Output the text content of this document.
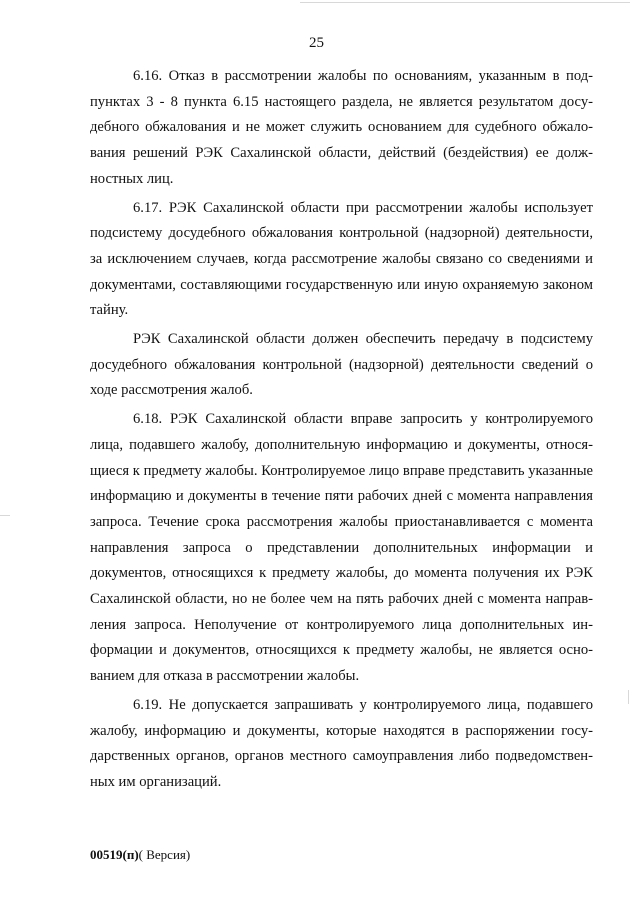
25

6.16. Отказ в рассмотрении жалобы по основаниям, указанным в подпунктах 3 - 8 пункта 6.15 настоящего раздела, не является результатом досудебного обжалования и не может служить основанием для судебного обжалования решений РЭК Сахалинской области, действий (бездействия) ее должностных лиц.

6.17. РЭК Сахалинской области при рассмотрении жалобы использует подсистему досудебного обжалования контрольной (надзорной) деятельности, за исключением случаев, когда рассмотрение жалобы связано со сведениями и документами, составляющими государственную или иную охраняемую законом тайну.

РЭК Сахалинской области должен обеспечить передачу в подсистему досудебного обжалования контрольной (надзорной) деятельности сведений о ходе рассмотрения жалоб.

6.18. РЭК Сахалинской области вправе запросить у контролируемого лица, подавшего жалобу, дополнительную информацию и документы, относящиеся к предмету жалобы. Контролируемое лицо вправе представить указанные информацию и документы в течение пяти рабочих дней с момента направления запроса. Течение срока рассмотрения жалобы приостанавливается с момента направления запроса о представлении дополнительных информации и документов, относящихся к предмету жалобы, до момента получения их РЭК Сахалинской области, но не более чем на пять рабочих дней с момента направления запроса. Неполучение от контролируемого лица дополнительных информации и документов, относящихся к предмету жалобы, не является основанием для отказа в рассмотрении жалобы.

6.19. Не допускается запрашивать у контролируемого лица, подавшего жалобу, информацию и документы, которые находятся в распоряжении государственных органов, органов местного самоуправления либо подведомственных им организаций.

00519(п)( Версия)
